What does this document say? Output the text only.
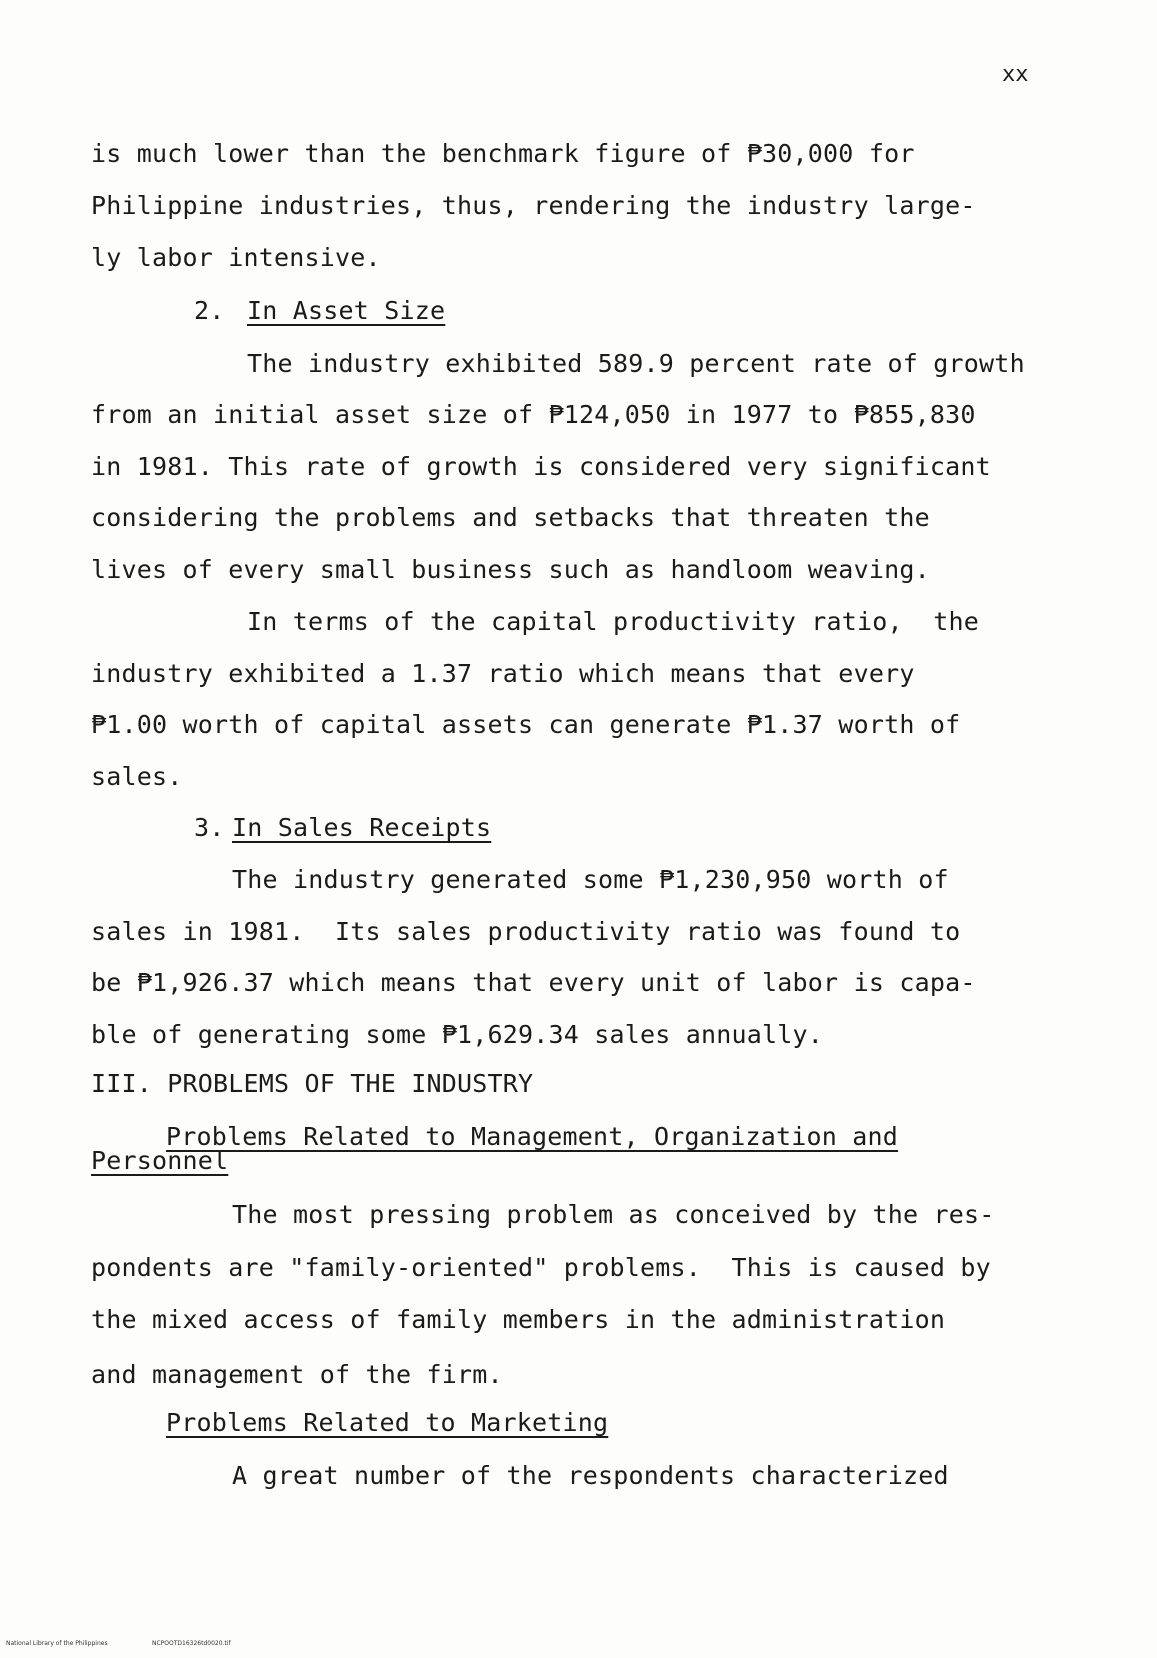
xx
is much lower than the benchmark figure of ₱30,000 for
Philippine industries, thus, rendering the industry large-
ly labor intensive.
2. In Asset Size
The industry exhibited 589.9 percent rate of growth
from an initial asset size of ₱124,050 in 1977 to ₱855,830
in 1981. This rate of growth is considered very significant
considering the problems and setbacks that threaten the
lives of every small business such as handloom weaving.
In terms of the capital productivity ratio,  the
industry exhibited a 1.37 ratio which means that every
₱1.00 worth of capital assets can generate ₱1.37 worth of
sales.
3. In Sales Receipts
The industry generated some ₱1,230,950 worth of
sales in 1981.  Its sales productivity ratio was found to
be ₱1,926.37 which means that every unit of labor is capa-
ble of generating some ₱1,629.34 sales annually.
III. PROBLEMS OF THE INDUSTRY
Problems Related to Management, Organization and
Personnel
The most pressing problem as conceived by the res-
pondents are "family-oriented" problems.  This is caused by
the mixed access of family members in the administration
and management of the firm.
Problems Related to Marketing
A great number of the respondents characterized
National Library of the Philippines	NCPOOTD16326td0020.tif
